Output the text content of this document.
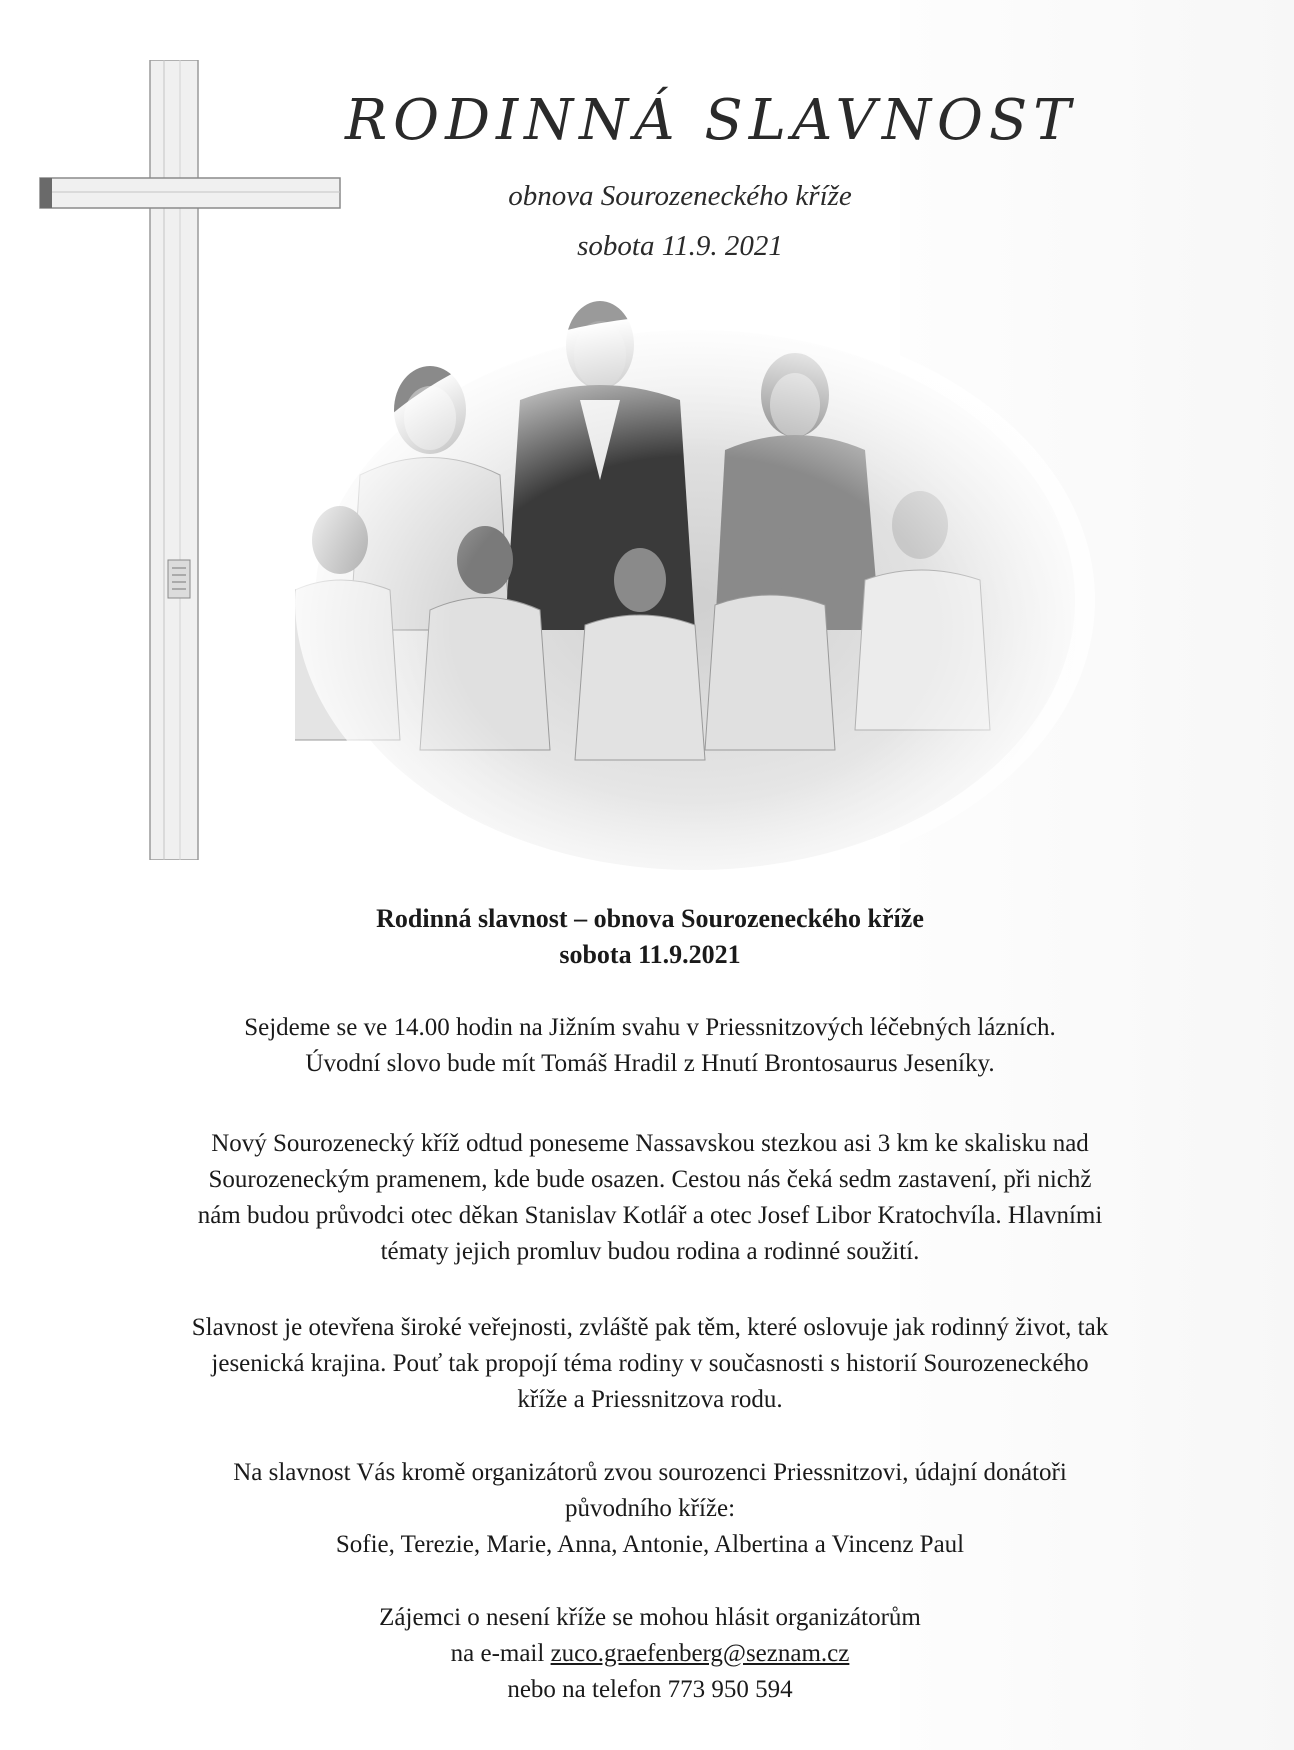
RODINNÁ SLAVNOST
obnova Sourozeneckého kříže
sobota 11.9. 2021
Rodinná slavnost – obnova Sourozeneckého kříže
sobota 11.9.2021
Sejdeme se ve 14.00 hodin na Jižním svahu v Priessnitzových léčebných lázních.
Úvodní slovo bude mít Tomáš Hradil z Hnutí Brontosaurus Jeseníky.
Nový Sourozenecký kříž odtud poneseme Nassavskou stezkou asi 3 km ke skalisku nad
Sourozeneckým pramenem, kde bude osazen. Cestou nás čeká sedm zastavení, při nichž
nám budou průvodci otec děkan Stanislav Kotlář a otec Josef Libor Kratochvíla. Hlavními
tématy jejich promluv budou rodina a rodinné soužití.
Slavnost je otevřena široké veřejnosti, zvláště pak těm, které oslovuje jak rodinný život, tak
jesenická krajina. Pouť tak propojí téma rodiny v současnosti s historií Sourozeneckého
kříže a Priessnitzova rodu.
Na slavnost Vás kromě organizátorů zvou sourozenci Priessnitzovi, údajní donátoři
původního kříže:
Sofie, Terezie, Marie, Anna, Antonie, Albertina a Vincenz Paul
Zájemci o nesení kříže se mohou hlásit organizátorům
na e-mail zuco.graefenberg@seznam.cz
nebo na telefon 773 950 594
